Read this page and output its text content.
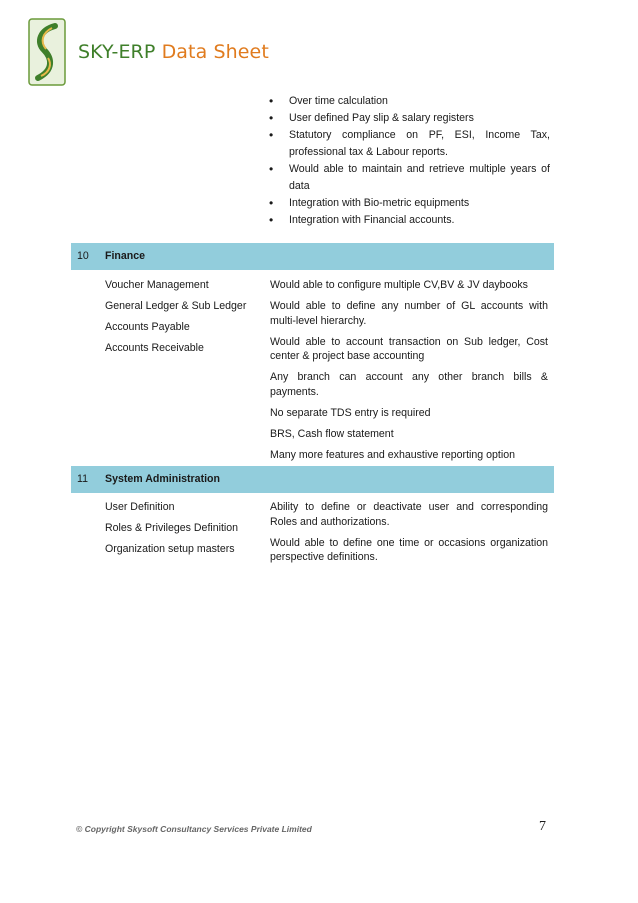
SKY-ERP Data Sheet
• Over time calculation
• User defined Pay slip & salary registers
• Statutory compliance on PF, ESI, Income Tax, professional tax & Labour reports.
• Would able to maintain and retrieve multiple years of data
• Integration with Bio-metric equipments
• Integration with Financial accounts.
10 Finance
Voucher Management
General Ledger & Sub Ledger
Accounts Payable
Accounts Receivable
Would able to configure multiple CV,BV & JV daybooks
Would able to define any number of GL accounts with multi-level hierarchy.
Would able to account transaction on Sub ledger, Cost center & project base accounting
Any branch can account any other branch bills & payments.
No separate TDS entry is required
BRS, Cash flow statement
Many more features and exhaustive reporting option
11 System Administration
User Definition
Roles & Privileges Definition
Organization setup masters
Ability to define or deactivate user and corresponding Roles and authorizations.
Would able to define one time or occasions organization perspective definitions.
© Copyright Skysoft Consultancy Services Private Limited	7
